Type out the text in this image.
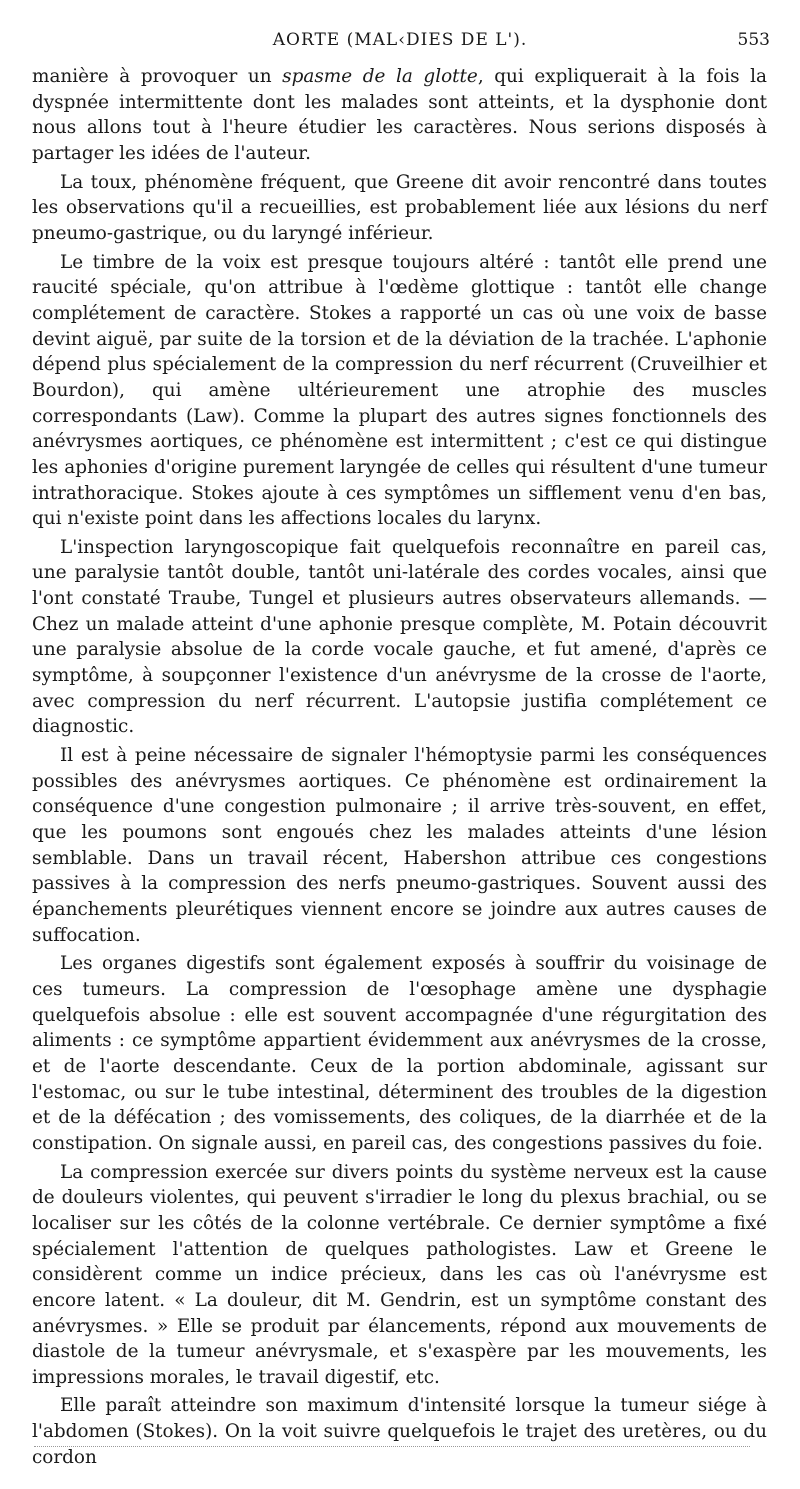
AORTE (MAL‹DIES DE L').	553

manière à provoquer un spasme de la glotte, qui expliquerait à la fois la dyspnée intermittente dont les malades sont atteints, et la dysphonie dont nous allons tout à l'heure étudier les caractères. Nous serions disposés à partager les idées de l'auteur.

La toux, phénomène fréquent, que Greene dit avoir rencontré dans toutes les observations qu'il a recueillies, est probablement liée aux lésions du nerf pneumo-gastrique, ou du laryngé inférieur.

Le timbre de la voix est presque toujours altéré : tantôt elle prend une raucité spéciale, qu'on attribue à l'œdème glottique : tantôt elle change complétement de caractère. Stokes a rapporté un cas où une voix de basse devint aiguë, par suite de la torsion et de la déviation de la trachée. L'aphonie dépend plus spécialement de la compression du nerf récurrent (Cruveilhier et Bourdon), qui amène ultérieurement une atrophie des muscles correspondants (Law). Comme la plupart des autres signes fonctionnels des anévrysmes aortiques, ce phénomène est intermittent ; c'est ce qui distingue les aphonies d'origine purement laryngée de celles qui résultent d'une tumeur intrathoracique. Stokes ajoute à ces symptômes un sifflement venu d'en bas, qui n'existe point dans les affections locales du larynx.

L'inspection laryngoscopique fait quelquefois reconnaître en pareil cas, une paralysie tantôt double, tantôt uni-latérale des cordes vocales, ainsi que l'ont constaté Traube, Tungel et plusieurs autres observateurs allemands. — Chez un malade atteint d'une aphonie presque complète, M. Potain découvrit une paralysie absolue de la corde vocale gauche, et fut amené, d'après ce symptôme, à soupçonner l'existence d'un anévrysme de la crosse de l'aorte, avec compression du nerf récurrent. L'autopsie justifia complétement ce diagnostic.

Il est à peine nécessaire de signaler l'hémoptysie parmi les conséquences possibles des anévrysmes aortiques. Ce phénomène est ordinairement la conséquence d'une congestion pulmonaire ; il arrive très-souvent, en effet, que les poumons sont engoués chez les malades atteints d'une lésion semblable. Dans un travail récent, Habershon attribue ces congestions passives à la compression des nerfs pneumo-gastriques. Souvent aussi des épanchements pleurétiques viennent encore se joindre aux autres causes de suffocation.

Les organes digestifs sont également exposés à souffrir du voisinage de ces tumeurs. La compression de l'œsophage amène une dysphagie quelquefois absolue : elle est souvent accompagnée d'une régurgitation des aliments : ce symptôme appartient évidemment aux anévrysmes de la crosse, et de l'aorte descendante. Ceux de la portion abdominale, agissant sur l'estomac, ou sur le tube intestinal, déterminent des troubles de la digestion et de la défécation ; des vomissements, des coliques, de la diarrhée et de la constipation. On signale aussi, en pareil cas, des congestions passives du foie.

La compression exercée sur divers points du système nerveux est la cause de douleurs violentes, qui peuvent s'irradier le long du plexus brachial, ou se localiser sur les côtés de la colonne vertébrale. Ce dernier symptôme a fixé spécialement l'attention de quelques pathologistes. Law et Greene le considèrent comme un indice précieux, dans les cas où l'anévrysme est encore latent. « La douleur, dit M. Gendrin, est un symptôme constant des anévrysmes. » Elle se produit par élancements, répond aux mouvements de diastole de la tumeur anévrysmale, et s'exaspère par les mouvements, les impressions morales, le travail digestif, etc.

Elle paraît atteindre son maximum d'intensité lorsque la tumeur siége à l'abdomen (Stokes). On la voit suivre quelquefois le trajet des uretères, ou du cordon
